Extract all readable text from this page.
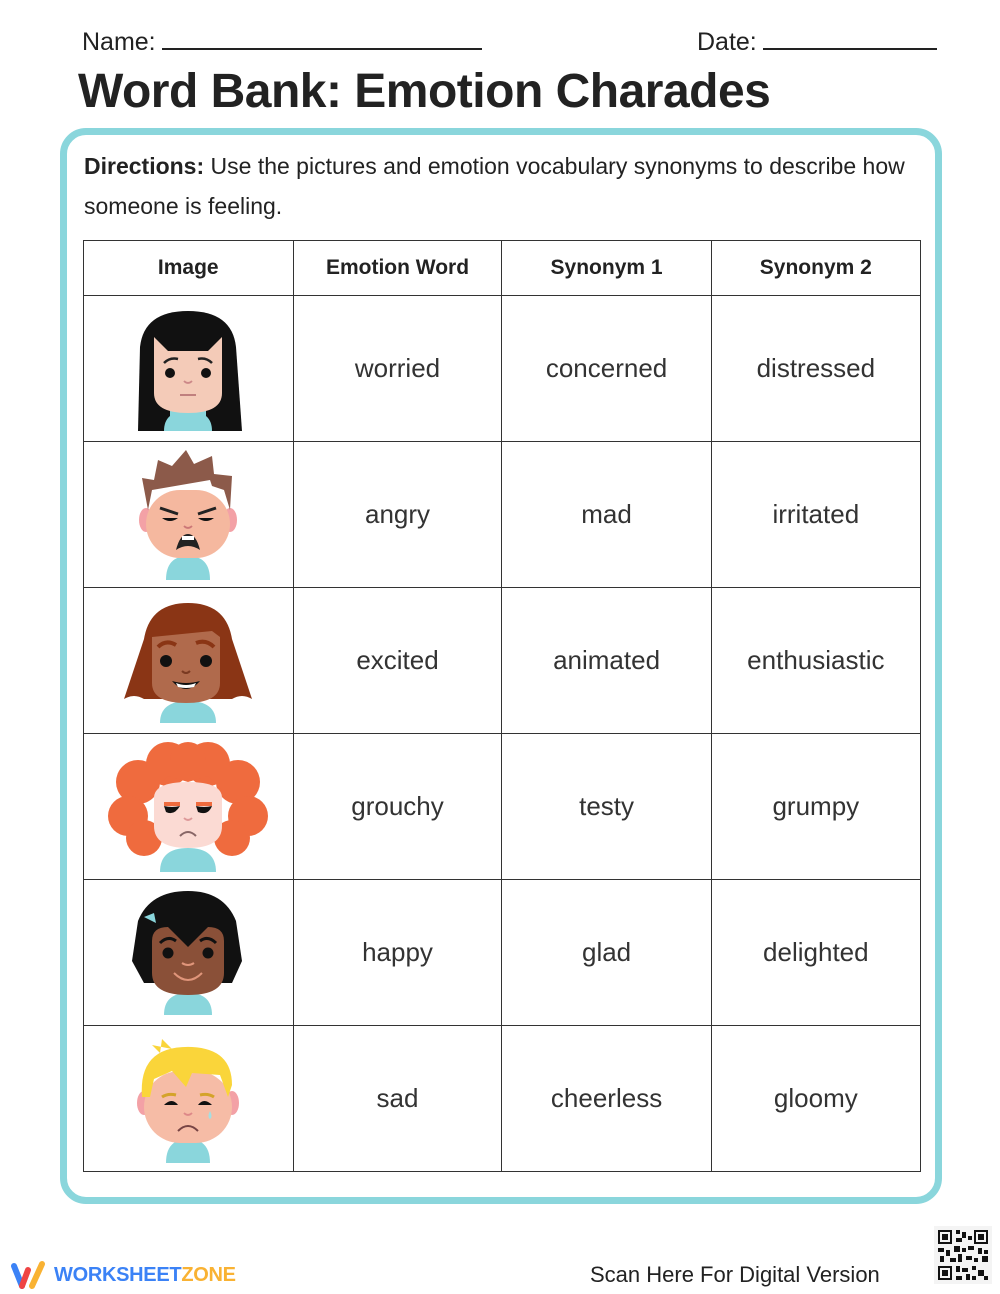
Name:	Date:
Word Bank: Emotion Charades
Directions: Use the pictures and emotion vocabulary synonyms to describe how someone is feeling.
Image	Emotion Word	Synonym 1	Synonym 2

	worried	concerned	distressed

	angry	mad	irritated

	excited	animated	enthusiastic

	grouchy	testy	grumpy

	happy	glad	delighted

	sad	cheerless	gloomy
WORKSHEET ZONE	Scan Here For Digital Version
